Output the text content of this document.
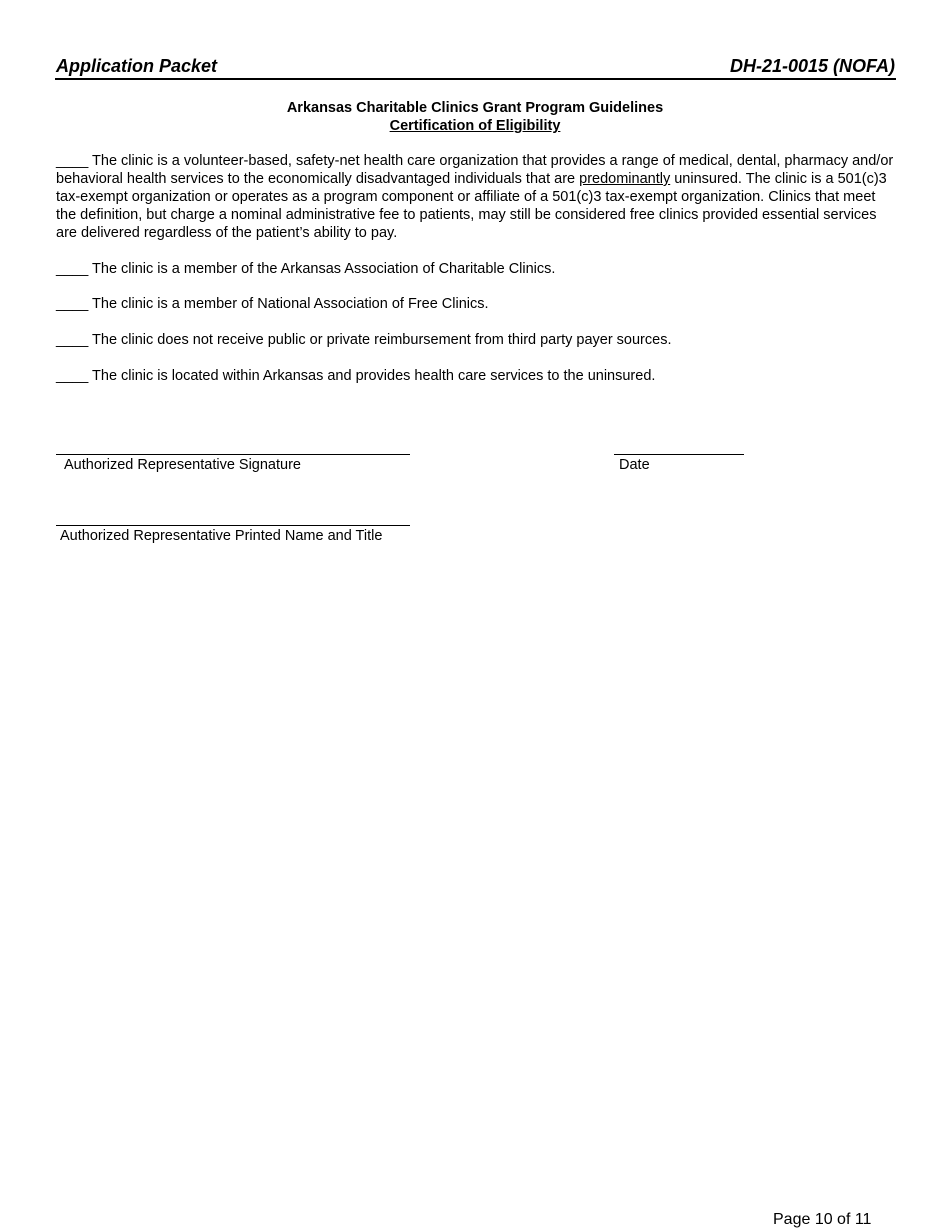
Application Packet	DH-21-0015 (NOFA)
Arkansas Charitable Clinics Grant Program Guidelines
Certification of Eligibility
____ The clinic is a volunteer-based, safety-net health care organization that provides a range of medical, dental, pharmacy and/or behavioral health services to the economically disadvantaged individuals that are predominantly uninsured. The clinic is a 501(c)3 tax-exempt organization or operates as a program component or affiliate of a 501(c)3 tax-exempt organization. Clinics that meet the definition, but charge a nominal administrative fee to patients, may still be considered free clinics provided essential services are delivered regardless of the patient’s ability to pay.
____ The clinic is a member of the Arkansas Association of Charitable Clinics.
____ The clinic is a member of National Association of Free Clinics.
____ The clinic does not receive public or private reimbursement from third party payer sources.
____ The clinic is located within Arkansas and provides health care services to the uninsured.
Authorized Representative Signature	Date
Authorized Representative Printed Name and Title
Page 10 of 11
